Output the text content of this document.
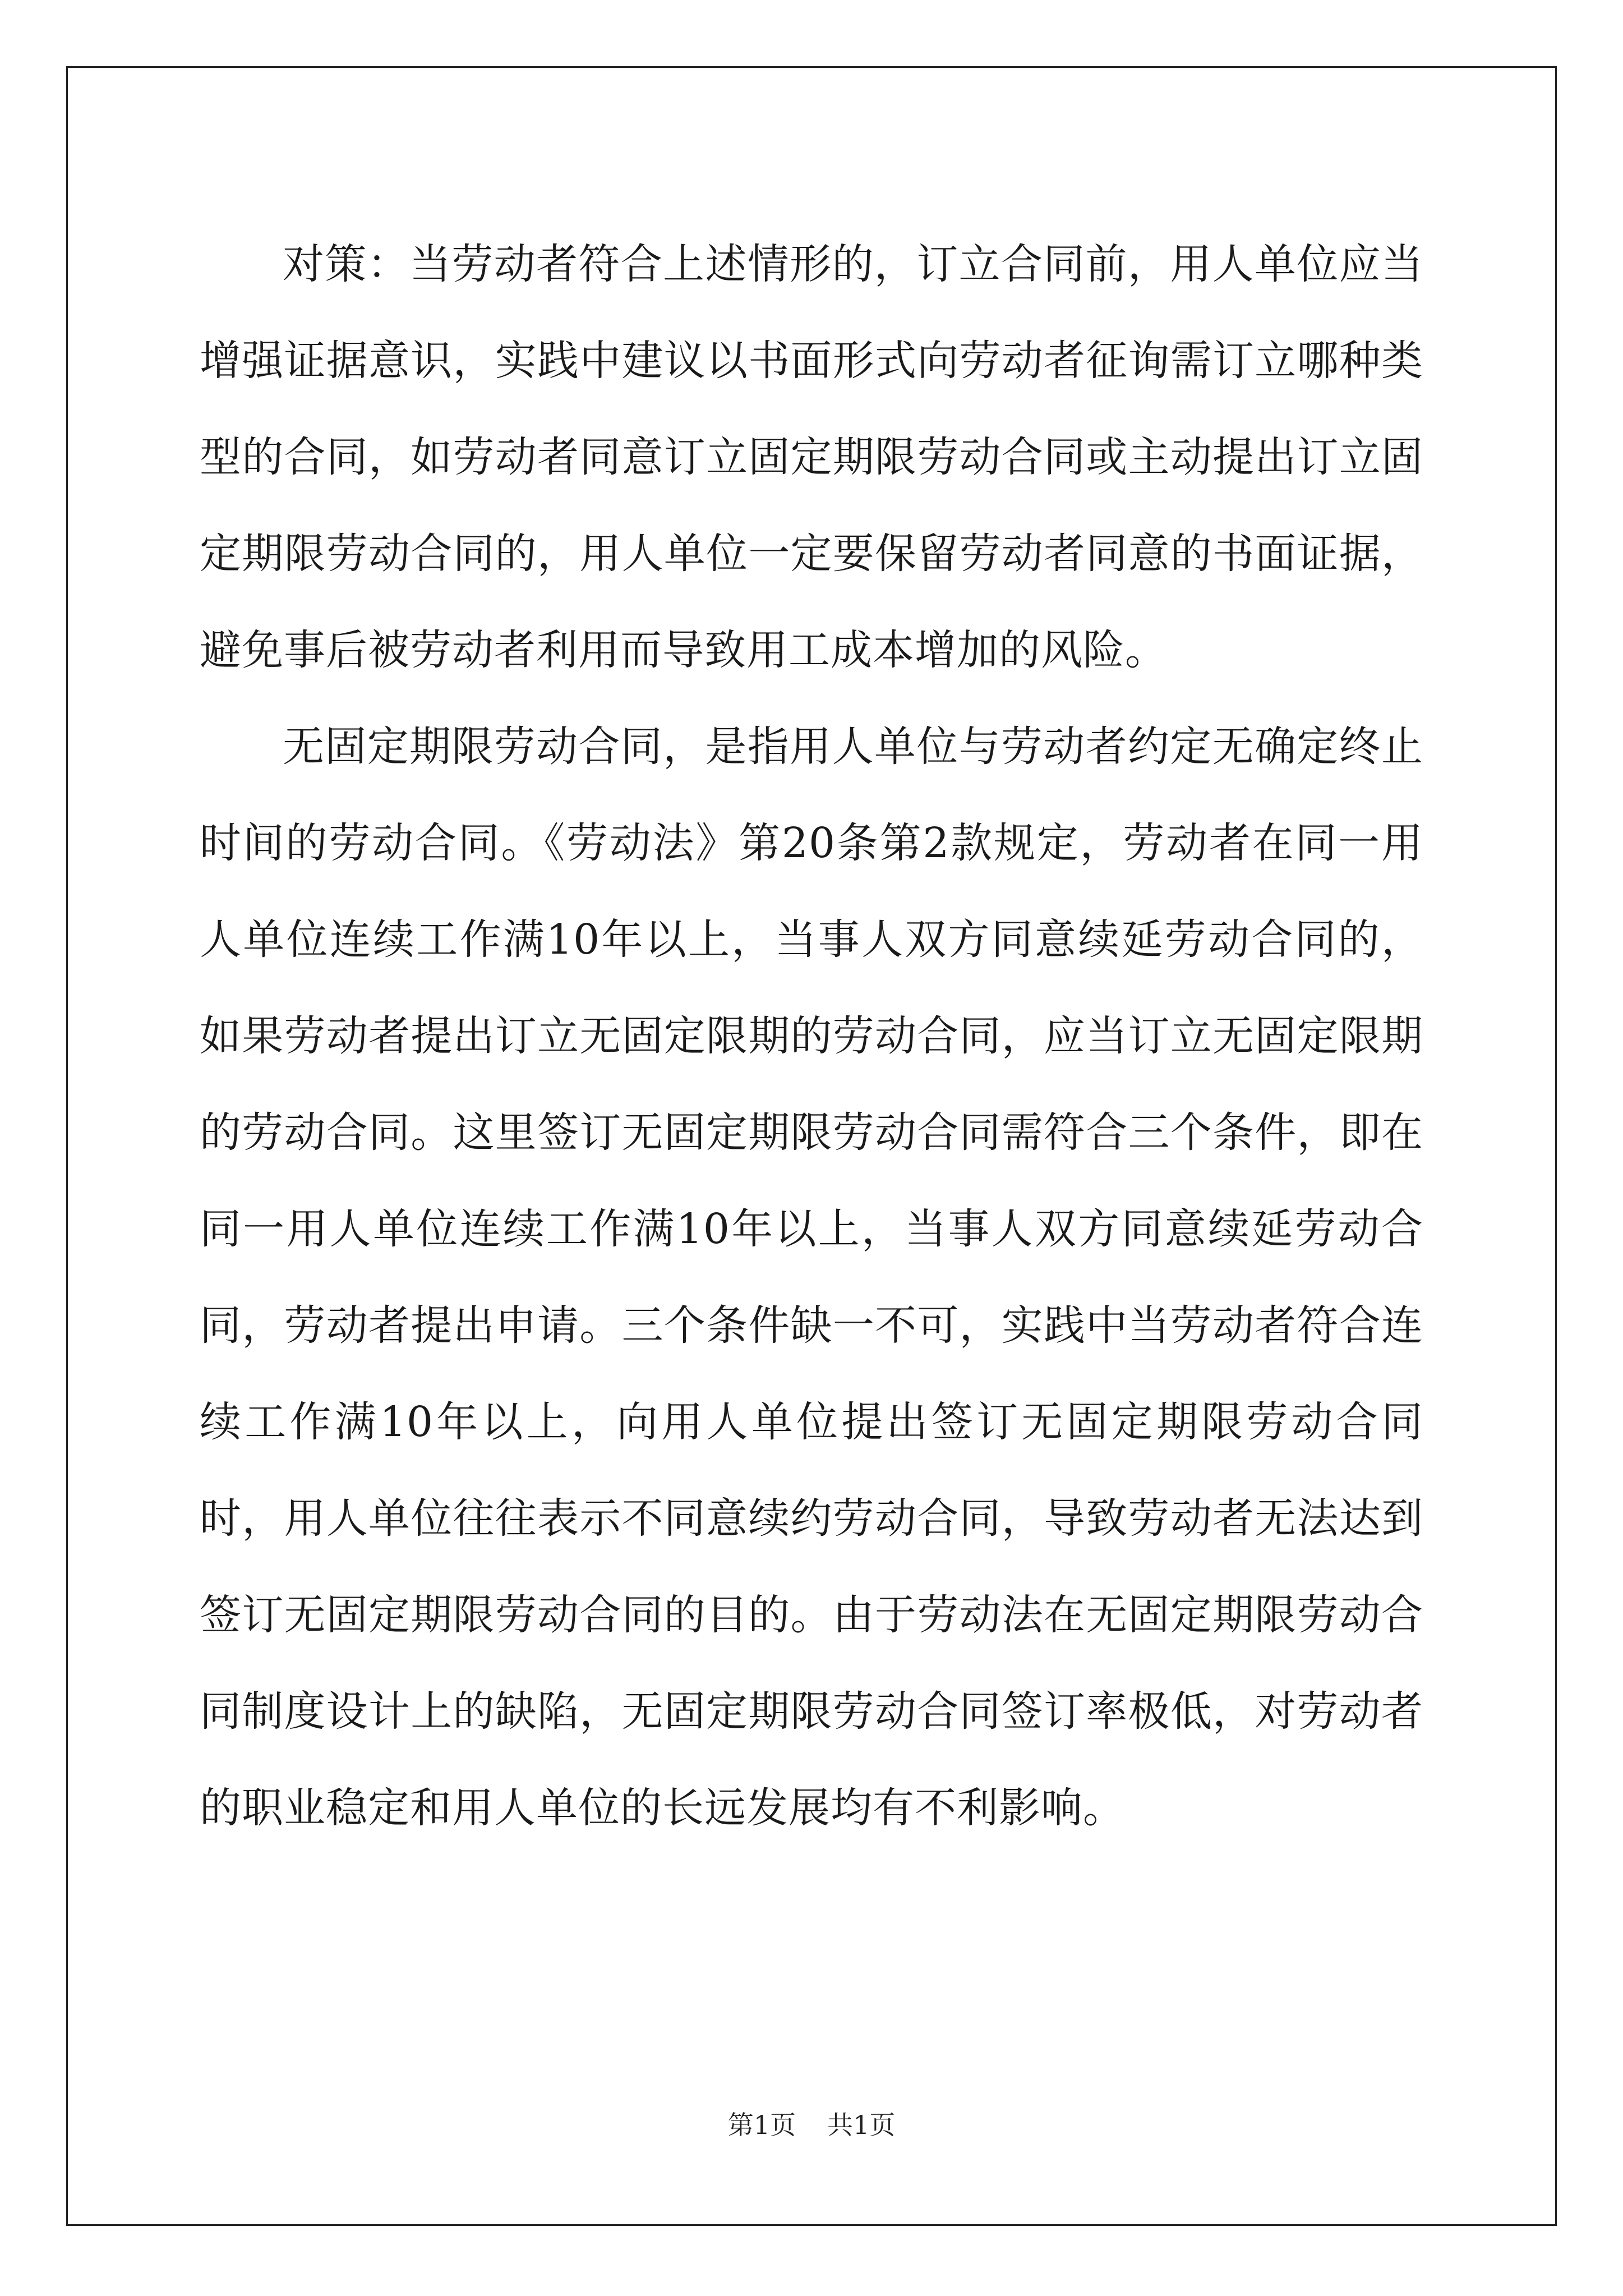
对策：当劳动者符合上述情形的，订立合同前，用人单位应当增强证据意识，实践中建议以书面形式向劳动者征询需订立哪种类型的合同，如劳动者同意订立固定期限劳动合同或主动提出订立固定期限劳动合同的，用人单位一定要保留劳动者同意的书面证据，避免事后被劳动者利用而导致用工成本增加的风险。

无固定期限劳动合同，是指用人单位与劳动者约定无确定终止时间的劳动合同。《劳动法》第20条第2款规定，劳动者在同一用人单位连续工作满10年以上，当事人双方同意续延劳动合同的，如果劳动者提出订立无固定限期的劳动合同，应当订立无固定限期的劳动合同。这里签订无固定期限劳动合同需符合三个条件，即在同一用人单位连续工作满10年以上，当事人双方同意续延劳动合同，劳动者提出申请。三个条件缺一不可，实践中当劳动者符合连续工作满10年以上，向用人单位提出签订无固定期限劳动合同时，用人单位往往表示不同意续约劳动合同，导致劳动者无法达到签订无固定期限劳动合同的目的。由于劳动法在无固定期限劳动合同制度设计上的缺陷，无固定期限劳动合同签订率极低，对劳动者的职业稳定和用人单位的长远发展均有不利影响。

第1页 共1页
